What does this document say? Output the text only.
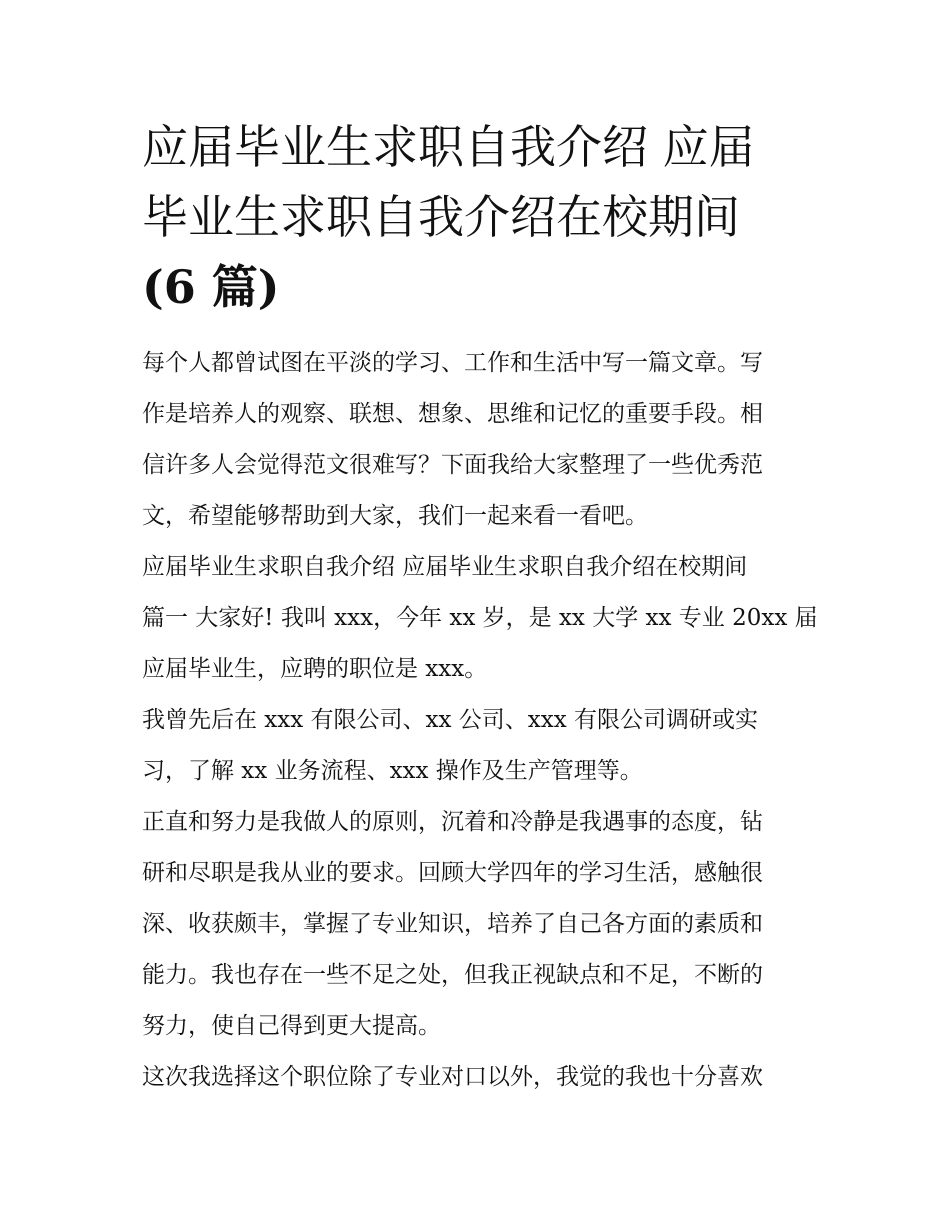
应届毕业生求职自我介绍 应届
毕业生求职自我介绍在校期间
(6 篇)

每个人都曾试图在平淡的学习、工作和生活中写一篇文章。写
作是培养人的观察、联想、想象、思维和记忆的重要手段。相
信许多人会觉得范文很难写？下面我给大家整理了一些优秀范
文，希望能够帮助到大家，我们一起来看一看吧。

应届毕业生求职自我介绍 应届毕业生求职自我介绍在校期间

篇一 大家好! 我叫 xxx，今年 xx 岁，是 xx 大学 xx 专业 20xx 届
应届毕业生，应聘的职位是 xxx。

我曾先后在 xxx 有限公司、xx 公司、xxx 有限公司调研或实
习，了解 xx 业务流程、xxx 操作及生产管理等。

正直和努力是我做人的原则，沉着和冷静是我遇事的态度，钻
研和尽职是我从业的要求。回顾大学四年的学习生活，感触很
深、收获颇丰，掌握了专业知识，培养了自己各方面的素质和
能力。我也存在一些不足之处，但我正视缺点和不足，不断的
努力，使自己得到更大提高。

这次我选择这个职位除了专业对口以外，我觉的我也十分喜欢
